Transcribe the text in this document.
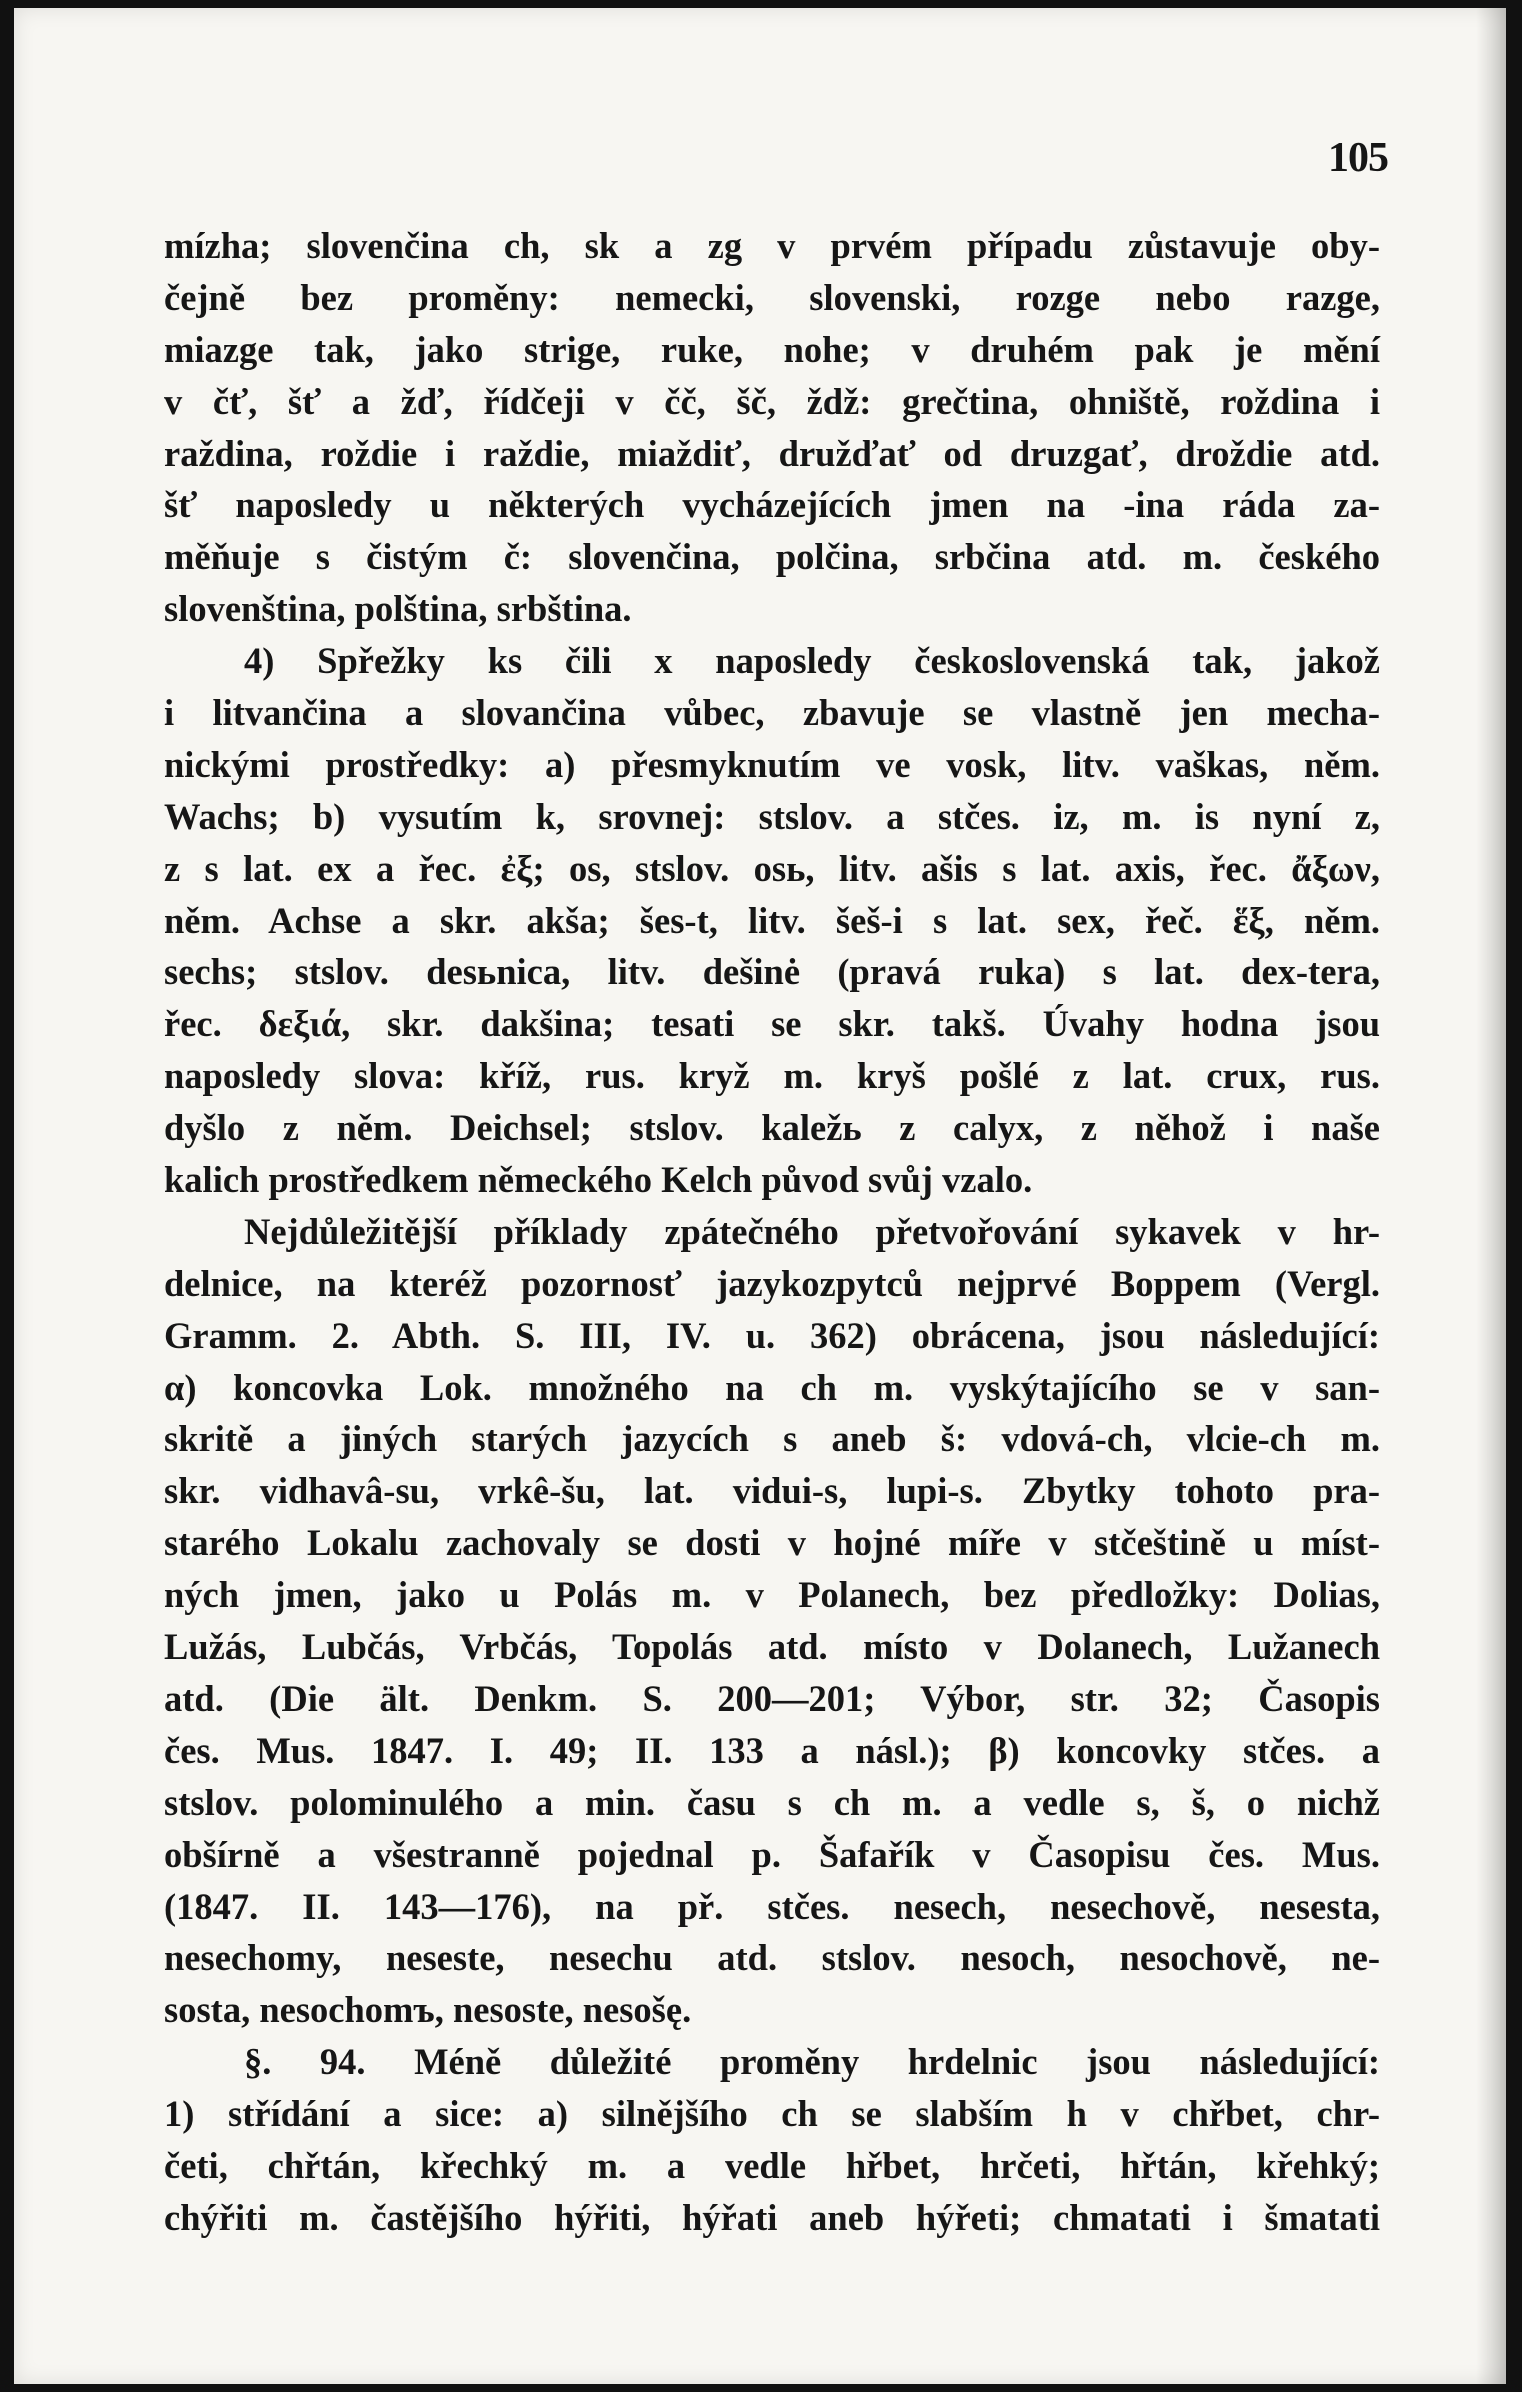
105
mízha; slovenčina ch, sk a zg v prvém případu zůstavuje oby-
čejně bez proměny: nemecki, slovenski, rozge nebo razge,
miazge tak, jako strige, ruke, nohe; v druhém pak je mění
v čť, šť a žď, řídčeji v čč, šč, ždž: grečtina, ohniště, roždina i
raždina, roždie i raždie, miaždiť, družďať od druzgať, droždie atd.
šť naposledy u některých vycházejících jmen na -ina ráda za-
měňuje s čistým č: slovenčina, polčina, srbčina atd. m. českého
slovenština, polština, srbština.
4) Spřežky ks čili x naposledy československá tak, jakož
i litvančina a slovančina vůbec, zbavuje se vlastně jen mecha-
nickými prostředky: a) přesmyknutím ve vosk, litv. vaškas, něm.
Wachs; b) vysutím k, srovnej: stslov. a stčes. iz, m. is nyní z,
z s lat. ex a řec. ἐξ; os, stslov. osь, litv. ašis s lat. axis, řec. ἄξων,
něm. Achse a skr. akša; šes-t, litv. šeš-i s lat. sex, řeč. ἕξ, něm.
sechs; stslov. desьnica, litv. dešinė (pravá ruka) s lat. dex-tera,
řec. δεξιά, skr. dakšina; tesati se skr. takš. Úvahy hodna jsou
naposledy slova: kříž, rus. kryž m. kryš pošlé z lat. crux, rus.
dyšlo z něm. Deichsel; stslov. kaležь z calyx, z něhož i naše
kalich prostředkem německého Kelch původ svůj vzalo.
Nejdůležitější příklady zpátečného přetvořování sykavek v hr-
delnice, na kteréž pozornosť jazykozpytců nejprvé Boppem (Vergl.
Gramm. 2. Abth. S. III, IV. u. 362) obrácena, jsou následující:
α) koncovka Lok. množného na ch m. vyskýtajícího se v san-
skritě a jiných starých jazycích s aneb š: vdová-ch, vlcie-ch m.
skr. vidhavâ-su, vrkê-šu, lat. vidui-s, lupi-s. Zbytky tohoto pra-
starého Lokalu zachovaly se dosti v hojné míře v stčeštině u míst-
ných jmen, jako u Polás m. v Polanech, bez předložky: Dolias,
Lužás, Lubčás, Vrbčás, Topolás atd. místo v Dolanech, Lužanech
atd. (Die ält. Denkm. S. 200—201; Výbor, str. 32; Časopis
čes. Mus. 1847. I. 49; II. 133 a násl.); β) koncovky stčes. a
stslov. polominulého a min. času s ch m. a vedle s, š, o nichž
obšírně a všestranně pojednal p. Šafařík v Časopisu čes. Mus.
(1847. II. 143—176), na př. stčes. nesech, nesechově, nesesta,
nesechomy, neseste, nesechu atd. stslov. nesoch, nesochově, ne-
sosta, nesochomъ, nesoste, nesošę.
§. 94. Méně důležité proměny hrdelnic jsou následující:
1) střídání a sice: a) silnějšího ch se slabším h v chřbet, chr-
četi, chřtán, křechký m. a vedle hřbet, hrčeti, hřtán, křehký;
chýřiti m. častějšího hýřiti, hýřati aneb hýřeti; chmatati i šmatati
